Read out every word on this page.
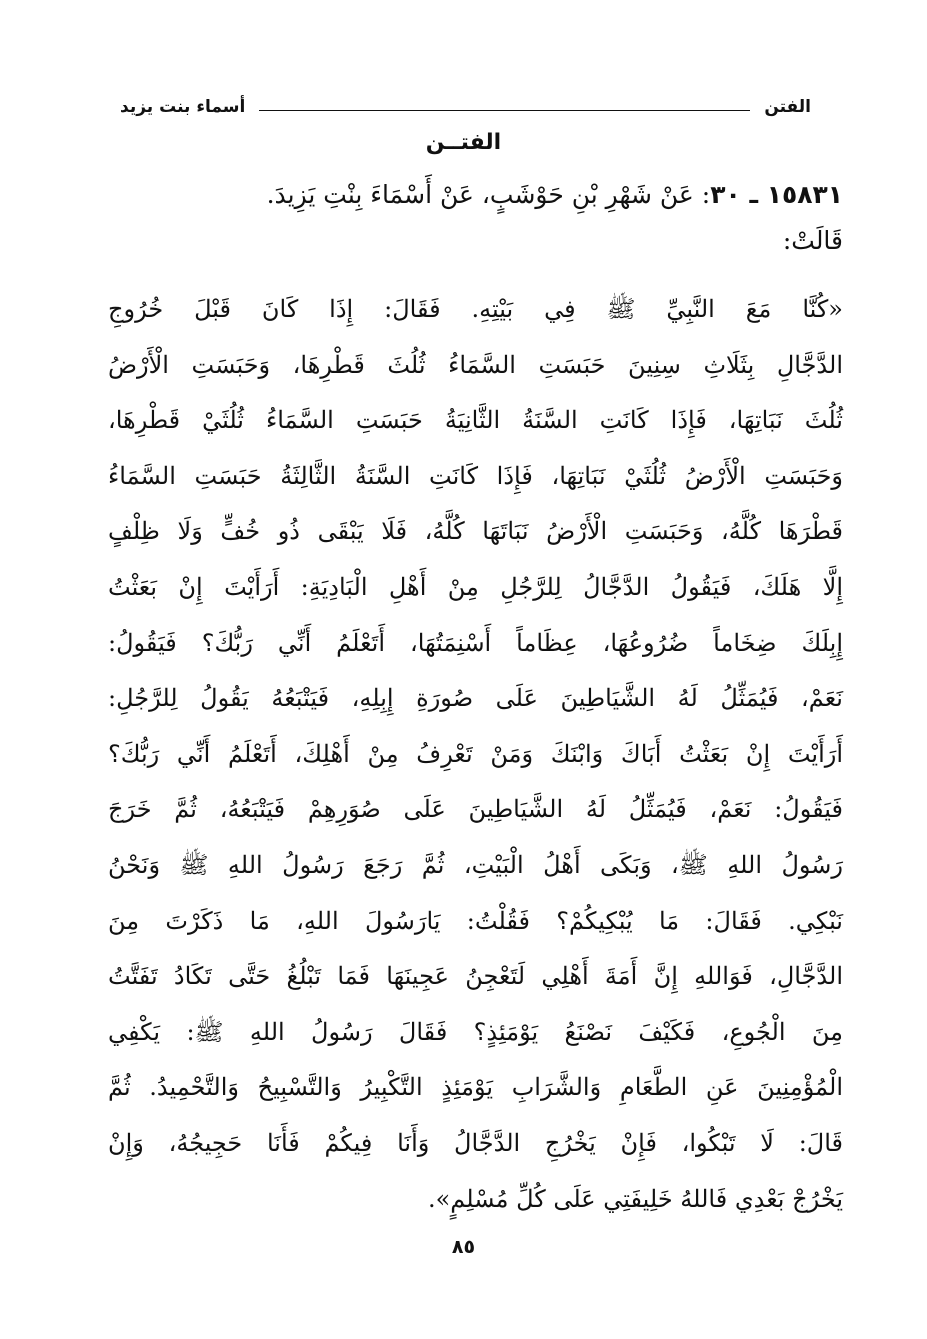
الفتن
أسماء بنت يزيد
الفتــن
١٥٨٣١ ـ ٣٠: عَنْ شَهْرِ بْنِ حَوْشَبٍ، عَنْ أَسْمَاءَ بِنْتِ يَزِيدَ.
قَالَتْ:
«كُنَّا مَعَ النَّبِيِّ ﷺ فِي بَيْتِهِ. فَقَالَ: إِذَا كَانَ قَبْلَ خُرُوجِ
الدَّجَّالِ بِثَلَاثِ سِنِينَ حَبَسَتِ السَّمَاءُ ثُلُثَ قَطْرِهَا، وَحَبَسَتِ الْأَرْضُ
ثُلُثَ نَبَاتِهَا، فَإِذَا كَانَتِ السَّنَةُ الثَّانِيَةُ حَبَسَتِ السَّمَاءُ ثُلُثَيْ قَطْرِهَا،
وَحَبَسَتِ الْأَرْضُ ثُلُثَيْ نَبَاتِهَا، فَإِذَا كَانَتِ السَّنَةُ الثَّالِثَةُ حَبَسَتِ السَّمَاءُ
قَطْرَهَا كُلَّهُ، وَحَبَسَتِ الْأَرْضُ نَبَاتَهَا كُلَّهُ، فَلَا يَبْقَى ذُو خُفٍّ وَلَا ظِلْفٍ
إِلَّا هَلَكَ، فَيَقُولُ الدَّجَّالُ لِلرَّجُلِ مِنْ أَهْلِ الْبَادِيَةِ: أَرَأَيْتَ إِنْ بَعَثْتُ
إِبِلَكَ ضِخَاماً ضُرُوعُهَا، عِظَاماً أَسْنِمَتُهَا، أَتَعْلَمُ أَنِّي رَبُّكَ؟ فَيَقُولُ:
نَعَمْ، فَيُمَثِّلُ لَهُ الشَّيَاطِينَ عَلَى صُورَةِ إِبِلِهِ، فَيَتْبَعُهُ يَقُولُ لِلرَّجُلِ:
أَرَأَيْتَ إِنْ بَعَثْتُ أَبَاكَ وَابْنَكَ وَمَنْ تَعْرِفُ مِنْ أَهْلِكَ، أَتَعْلَمُ أَنِّي رَبُّكَ؟
فَيَقُولُ: نَعَمْ، فَيُمَثِّلُ لَهُ الشَّيَاطِينَ عَلَى صُوَرِهِمْ فَيَتْبَعُهُ، ثُمَّ خَرَجَ
رَسُولُ اللهِ ﷺ، وَبَكَى أَهْلُ الْبَيْتِ، ثُمَّ رَجَعَ رَسُولُ اللهِ ﷺ وَنَحْنُ
نَبْكِي. فَقَالَ: مَا يُبْكِيكُمْ؟ فَقُلْتُ: يَارَسُولَ اللهِ، مَا ذَكَرْتَ مِنَ
الدَّجَّالِ، فَوَاللهِ إِنَّ أَمَةَ أَهْلِي لَتَعْجِنُ عَجِينَهَا فَمَا تَبْلُغُ حَتَّى تَكَادُ تَفَتَّتُ
مِنَ الْجُوعِ، فَكَيْفَ نَصْنَعُ يَوْمَئِذٍ؟ فَقَالَ رَسُولُ اللهِ ﷺ: يَكْفِي
الْمُؤْمِنِينَ عَنِ الطَّعَامِ وَالشَّرَابِ يَوْمَئِذٍ التَّكْبِيرُ وَالتَّسْبِيحُ وَالتَّحْمِيدُ. ثُمَّ
قَالَ: لَا تَبْكُوا، فَإِنْ يَخْرُجِ الدَّجَّالُ وَأَنَا فِيكُمْ فَأَنَا حَجِيجُهُ، وَإِنْ
يَخْرُجْ بَعْدِي فَاللهُ خَلِيفَتِي عَلَى كُلِّ مُسْلِمٍ».
٨٥
